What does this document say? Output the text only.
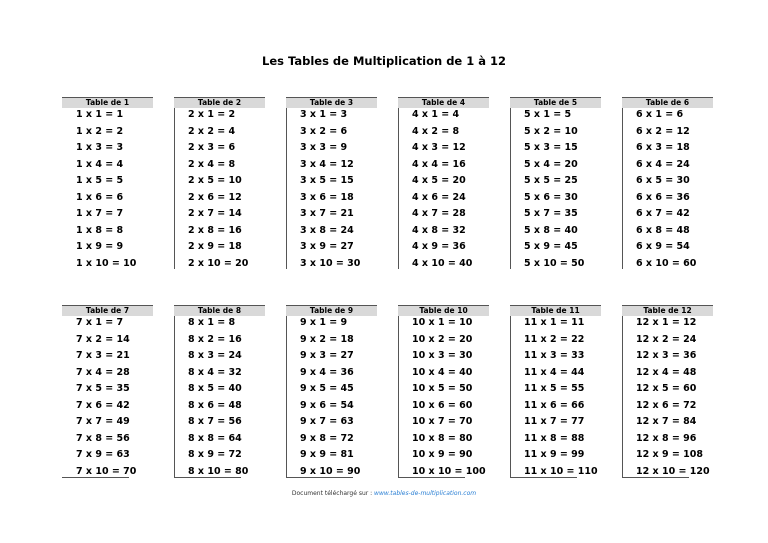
Les Tables de Multiplication de 1 à 12
Table de 1
1 x 1 = 1
1 x 2 = 2
1 x 3 = 3
1 x 4 = 4
1 x 5 = 5
1 x 6 = 6
1 x 7 = 7
1 x 8 = 8
1 x 9 = 9
1 x 10 = 10
Table de 2
2 x 1 = 2
2 x 2 = 4
2 x 3 = 6
2 x 4 = 8
2 x 5 = 10
2 x 6 = 12
2 x 7 = 14
2 x 8 = 16
2 x 9 = 18
2 x 10 = 20
Table de 3
3 x 1 = 3
3 x 2 = 6
3 x 3 = 9
3 x 4 = 12
3 x 5 = 15
3 x 6 = 18
3 x 7 = 21
3 x 8 = 24
3 x 9 = 27
3 x 10 = 30
Table de 4
4 x 1 = 4
4 x 2 = 8
4 x 3 = 12
4 x 4 = 16
4 x 5 = 20
4 x 6 = 24
4 x 7 = 28
4 x 8 = 32
4 x 9 = 36
4 x 10 = 40
Table de 5
5 x 1 = 5
5 x 2 = 10
5 x 3 = 15
5 x 4 = 20
5 x 5 = 25
5 x 6 = 30
5 x 7 = 35
5 x 8 = 40
5 x 9 = 45
5 x 10 = 50
Table de 6
6 x 1 = 6
6 x 2 = 12
6 x 3 = 18
6 x 4 = 24
6 x 5 = 30
6 x 6 = 36
6 x 7 = 42
6 x 8 = 48
6 x 9 = 54
6 x 10 = 60
Table de 7
7 x 1 = 7
7 x 2 = 14
7 x 3 = 21
7 x 4 = 28
7 x 5 = 35
7 x 6 = 42
7 x 7 = 49
7 x 8 = 56
7 x 9 = 63
7 x 10 = 70
Table de 8
8 x 1 = 8
8 x 2 = 16
8 x 3 = 24
8 x 4 = 32
8 x 5 = 40
8 x 6 = 48
8 x 7 = 56
8 x 8 = 64
8 x 9 = 72
8 x 10 = 80
Table de 9
9 x 1 = 9
9 x 2 = 18
9 x 3 = 27
9 x 4 = 36
9 x 5 = 45
9 x 6 = 54
9 x 7 = 63
9 x 8 = 72
9 x 9 = 81
9 x 10 = 90
Table de 10
10 x 1 = 10
10 x 2 = 20
10 x 3 = 30
10 x 4 = 40
10 x 5 = 50
10 x 6 = 60
10 x 7 = 70
10 x 8 = 80
10 x 9 = 90
10 x 10 = 100
Table de 11
11 x 1 = 11
11 x 2 = 22
11 x 3 = 33
11 x 4 = 44
11 x 5 = 55
11 x 6 = 66
11 x 7 = 77
11 x 8 = 88
11 x 9 = 99
11 x 10 = 110
Table de 12
12 x 1 = 12
12 x 2 = 24
12 x 3 = 36
12 x 4 = 48
12 x 5 = 60
12 x 6 = 72
12 x 7 = 84
12 x 8 = 96
12 x 9 = 108
12 x 10 = 120
Document téléchargé sur : www.tables-de-multiplication.com
